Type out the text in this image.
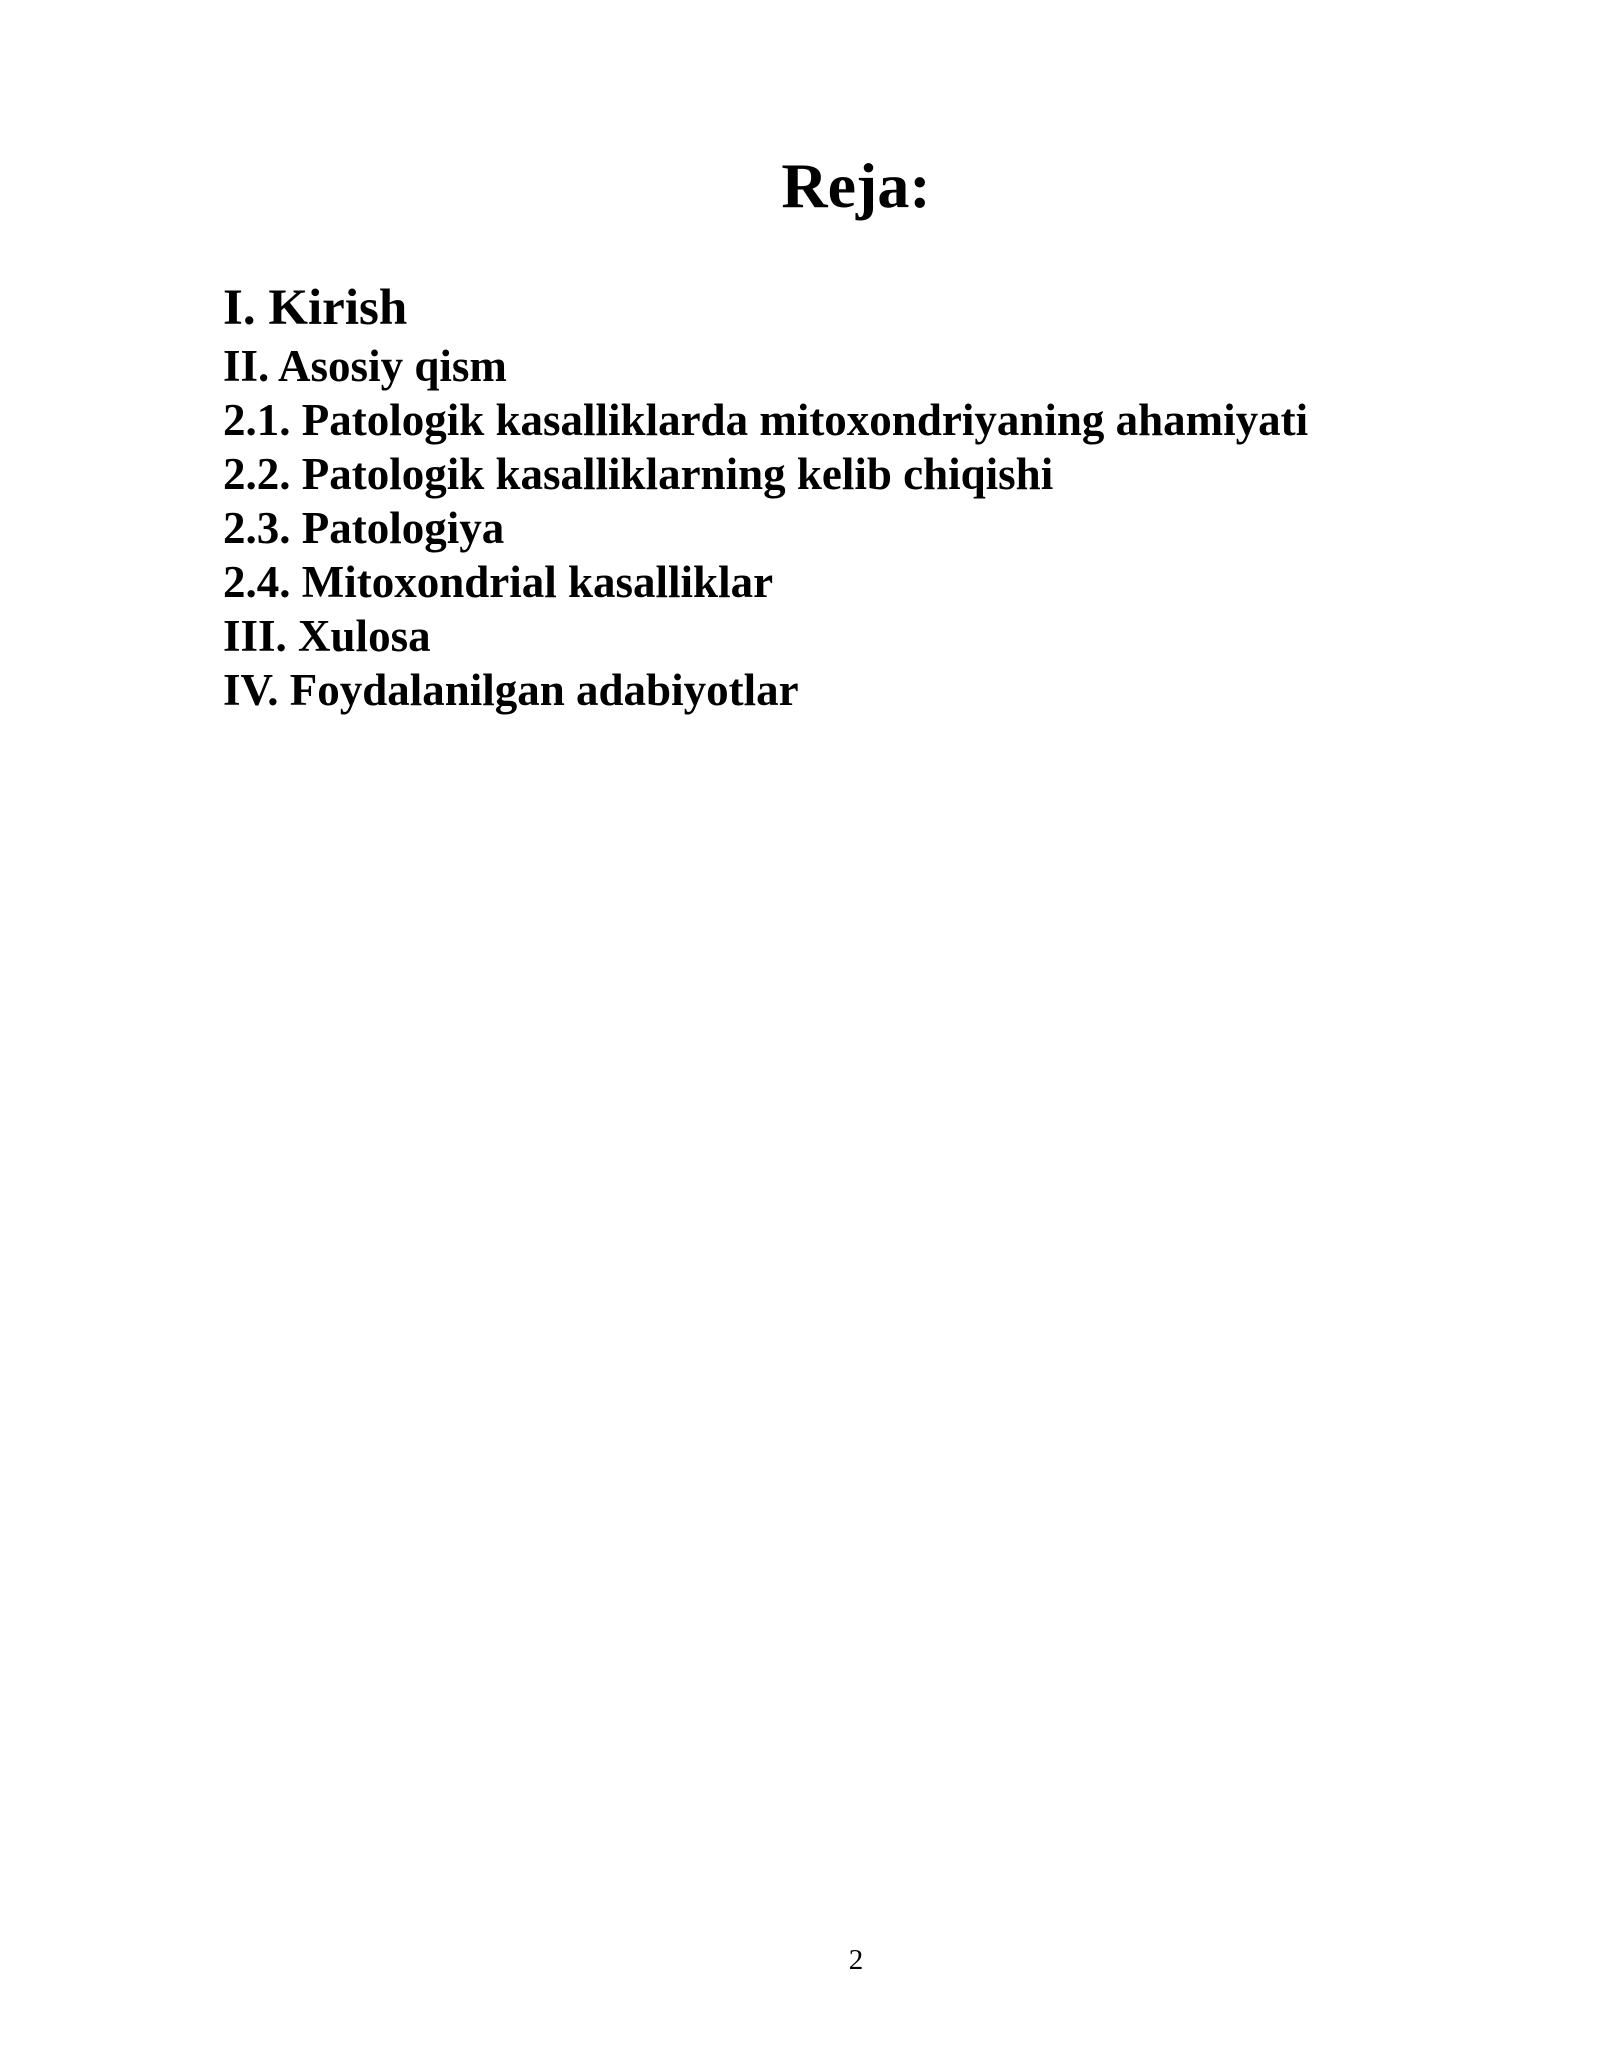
Reja:
I. Kirish
II. Asosiy qism
2.1. Patologik kasalliklarda mitoxondriyaning ahamiyati
2.2. Patologik kasalliklarning kelib chiqishi
2.3. Patologiya
2.4. Mitoxondrial kasalliklar
III. Xulosa
IV. Foydalanilgan adabiyotlar
2
